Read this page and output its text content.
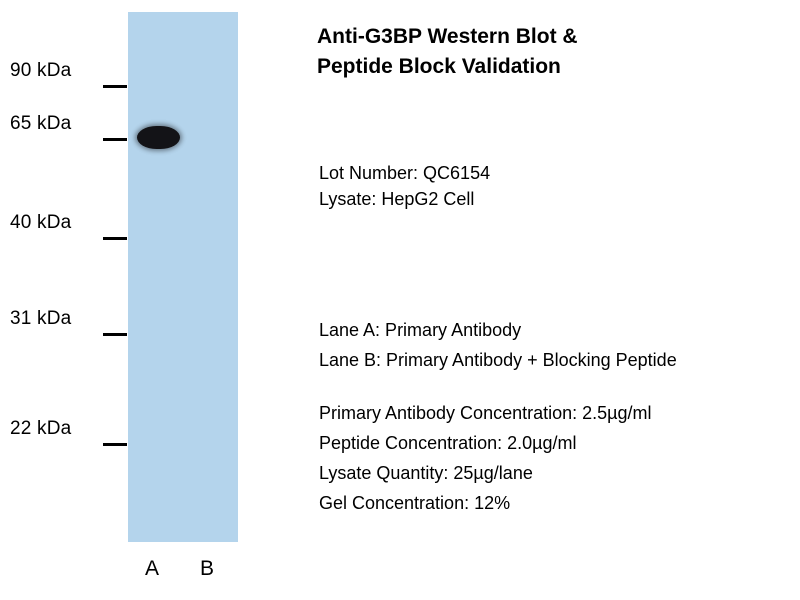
90 kDa
65 kDa
40 kDa
31 kDa
22 kDa
A B
Anti-G3BP Western Blot &
Peptide Block Validation
Lot Number: QC6154
Lysate: HepG2 Cell
Lane A: Primary Antibody
Lane B: Primary Antibody + Blocking Peptide
Primary Antibody Concentration: 2.5µg/ml
Peptide Concentration: 2.0µg/ml
Lysate Quantity: 25µg/lane
Gel Concentration: 12%
